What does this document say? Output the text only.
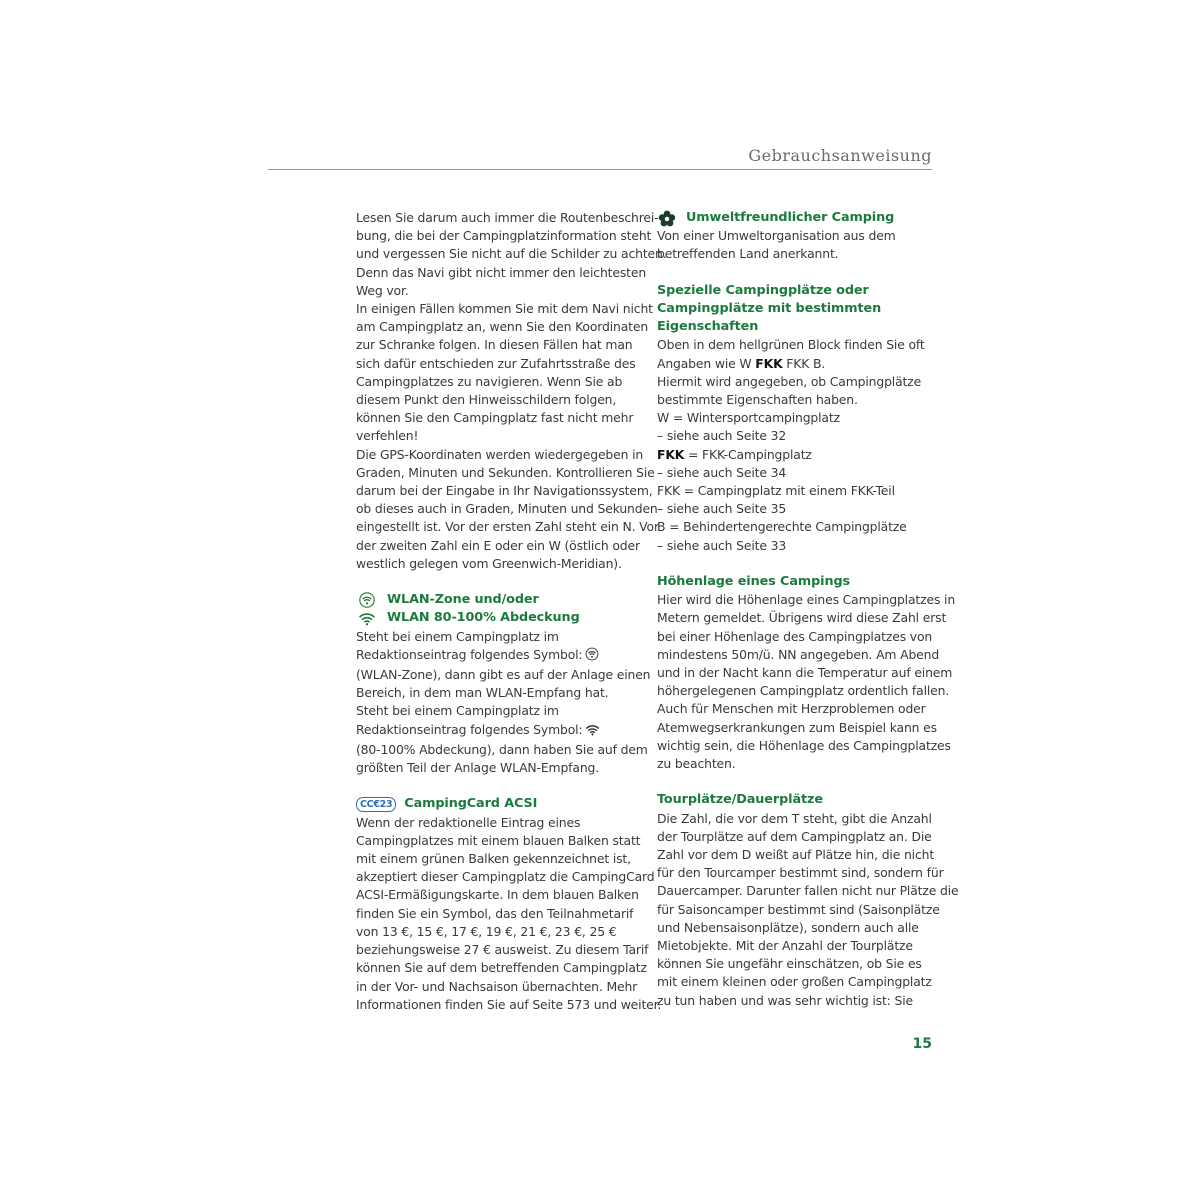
Gebrauchsanweisung
Lesen Sie darum auch immer die Routenbeschrei-
bung, die bei der Campingplatzinformation steht
und vergessen Sie nicht auf die Schilder zu achten.
Denn das Navi gibt nicht immer den leichtesten
Weg vor.
In einigen Fällen kommen Sie mit dem Navi nicht
am Campingplatz an, wenn Sie den Koordinaten
zur Schranke folgen. In diesen Fällen hat man
sich dafür entschieden zur Zufahrtsstraße des
Campingplatzes zu navigieren. Wenn Sie ab
diesem Punkt den Hinweisschildern folgen,
können Sie den Campingplatz fast nicht mehr
verfehlen!
Die GPS-Koordinaten werden wiedergegeben in
Graden, Minuten und Sekunden. Kontrollieren Sie
darum bei der Eingabe in Ihr Navigationssystem,
ob dieses auch in Graden, Minuten und Sekunden
eingestellt ist. Vor der ersten Zahl steht ein N. Vor
der zweiten Zahl ein E oder ein W (östlich oder
westlich gelegen vom Greenwich-Meridian).
WLAN-Zone und/oder
WLAN 80-100% Abdeckung
Steht bei einem Campingplatz im
Redaktionseintrag folgendes Symbol:
(WLAN-Zone), dann gibt es auf der Anlage einen
Bereich, in dem man WLAN-Empfang hat.
Steht bei einem Campingplatz im
Redaktionseintrag folgendes Symbol:
(80-100% Abdeckung), dann haben Sie auf dem
größten Teil der Anlage WLAN-Empfang.
CC€23 CampingCard ACSI
Wenn der redaktionelle Eintrag eines
Campingplatzes mit einem blauen Balken statt
mit einem grünen Balken gekennzeichnet ist,
akzeptiert dieser Campingplatz die CampingCard
ACSI-Ermäßigungskarte. In dem blauen Balken
finden Sie ein Symbol, das den Teilnahmetarif
von 13 €, 15 €, 17 €, 19 €, 21 €, 23 €, 25 €
beziehungsweise 27 € ausweist. Zu diesem Tarif
können Sie auf dem betreffenden Campingplatz
in der Vor- und Nachsaison übernachten. Mehr
Informationen finden Sie auf Seite 573 und weiter.
Umweltfreundlicher Camping
Von einer Umweltorganisation aus dem
betreffenden Land anerkannt.
Spezielle Campingplätze oder
Campingplätze mit bestimmten
Eigenschaften
Oben in dem hellgrünen Block finden Sie oft
Angaben wie W FKK FKK B.
Hiermit wird angegeben, ob Campingplätze
bestimmte Eigenschaften haben.
W = Wintersportcampingplatz
– siehe auch Seite 32
FKK = FKK-Campingplatz
– siehe auch Seite 34
FKK = Campingplatz mit einem FKK-Teil
– siehe auch Seite 35
B = Behindertengerechte Campingplätze
– siehe auch Seite 33
Höhenlage eines Campings
Hier wird die Höhenlage eines Campingplatzes in
Metern gemeldet. Übrigens wird diese Zahl erst
bei einer Höhenlage des Campingplatzes von
mindestens 50m/ü. NN angegeben. Am Abend
und in der Nacht kann die Temperatur auf einem
höhergelegenen Campingplatz ordentlich fallen.
Auch für Menschen mit Herzproblemen oder
Atemwegserkrankungen zum Beispiel kann es
wichtig sein, die Höhenlage des Campingplatzes
zu beachten.
Tourplätze/Dauerplätze
Die Zahl, die vor dem T steht, gibt die Anzahl
der Tourplätze auf dem Campingplatz an. Die
Zahl vor dem D weißt auf Plätze hin, die nicht
für den Tourcamper bestimmt sind, sondern für
Dauercamper. Darunter fallen nicht nur Plätze die
für Saisoncamper bestimmt sind (Saisonplätze
und Nebensaisonplätze), sondern auch alle
Mietobjekte. Mit der Anzahl der Tourplätze
können Sie ungefähr einschätzen, ob Sie es
mit einem kleinen oder großen Campingplatz
zu tun haben und was sehr wichtig ist: Sie

15
